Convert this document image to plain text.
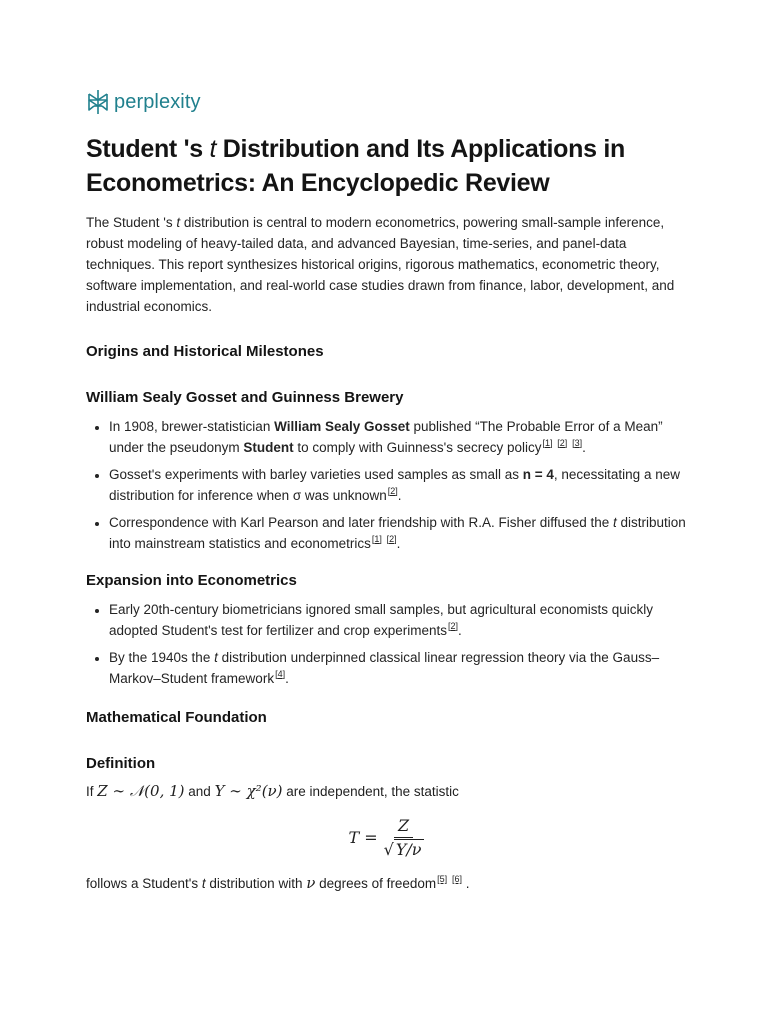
perplexity
Student 's t Distribution and Its Applications in Econometrics: An Encyclopedic Review

The Student 's t distribution is central to modern econometrics, powering small-sample inference, robust modeling of heavy-tailed data, and advanced Bayesian, time-series, and panel-data techniques. This report synthesizes historical origins, rigorous mathematics, econometric theory, software implementation, and real-world case studies drawn from finance, labor, development, and industrial economics.

Origins and Historical Milestones
William Sealy Gosset and Guinness Brewery
• In 1908, brewer-statistician William Sealy Gosset published “The Probable Error of a Mean” under the pseudonym Student to comply with Guinness's secrecy policy[1] [2] [3].
• Gosset's experiments with barley varieties used samples as small as n = 4, necessitating a new distribution for inference when σ was unknown[2].
• Correspondence with Karl Pearson and later friendship with R.A. Fisher diffused the t distribution into mainstream statistics and econometrics[1] [2].
Expansion into Econometrics
• Early 20th-century biometricians ignored small samples, but agricultural economists quickly adopted Student's test for fertilizer and crop experiments[2].
• By the 1940s the t distribution underpinned classical linear regression theory via the Gauss–Markov–Student framework[4].
Mathematical Foundation
Definition

If Z ∼ 𝒩(0, 1) and Y ∼ χ²(ν) are independent, the statistic

$T = \frac{Z}{√ Y/\nu}$

follows a Student's t distribution with ν degrees of freedom[5] [6] .
